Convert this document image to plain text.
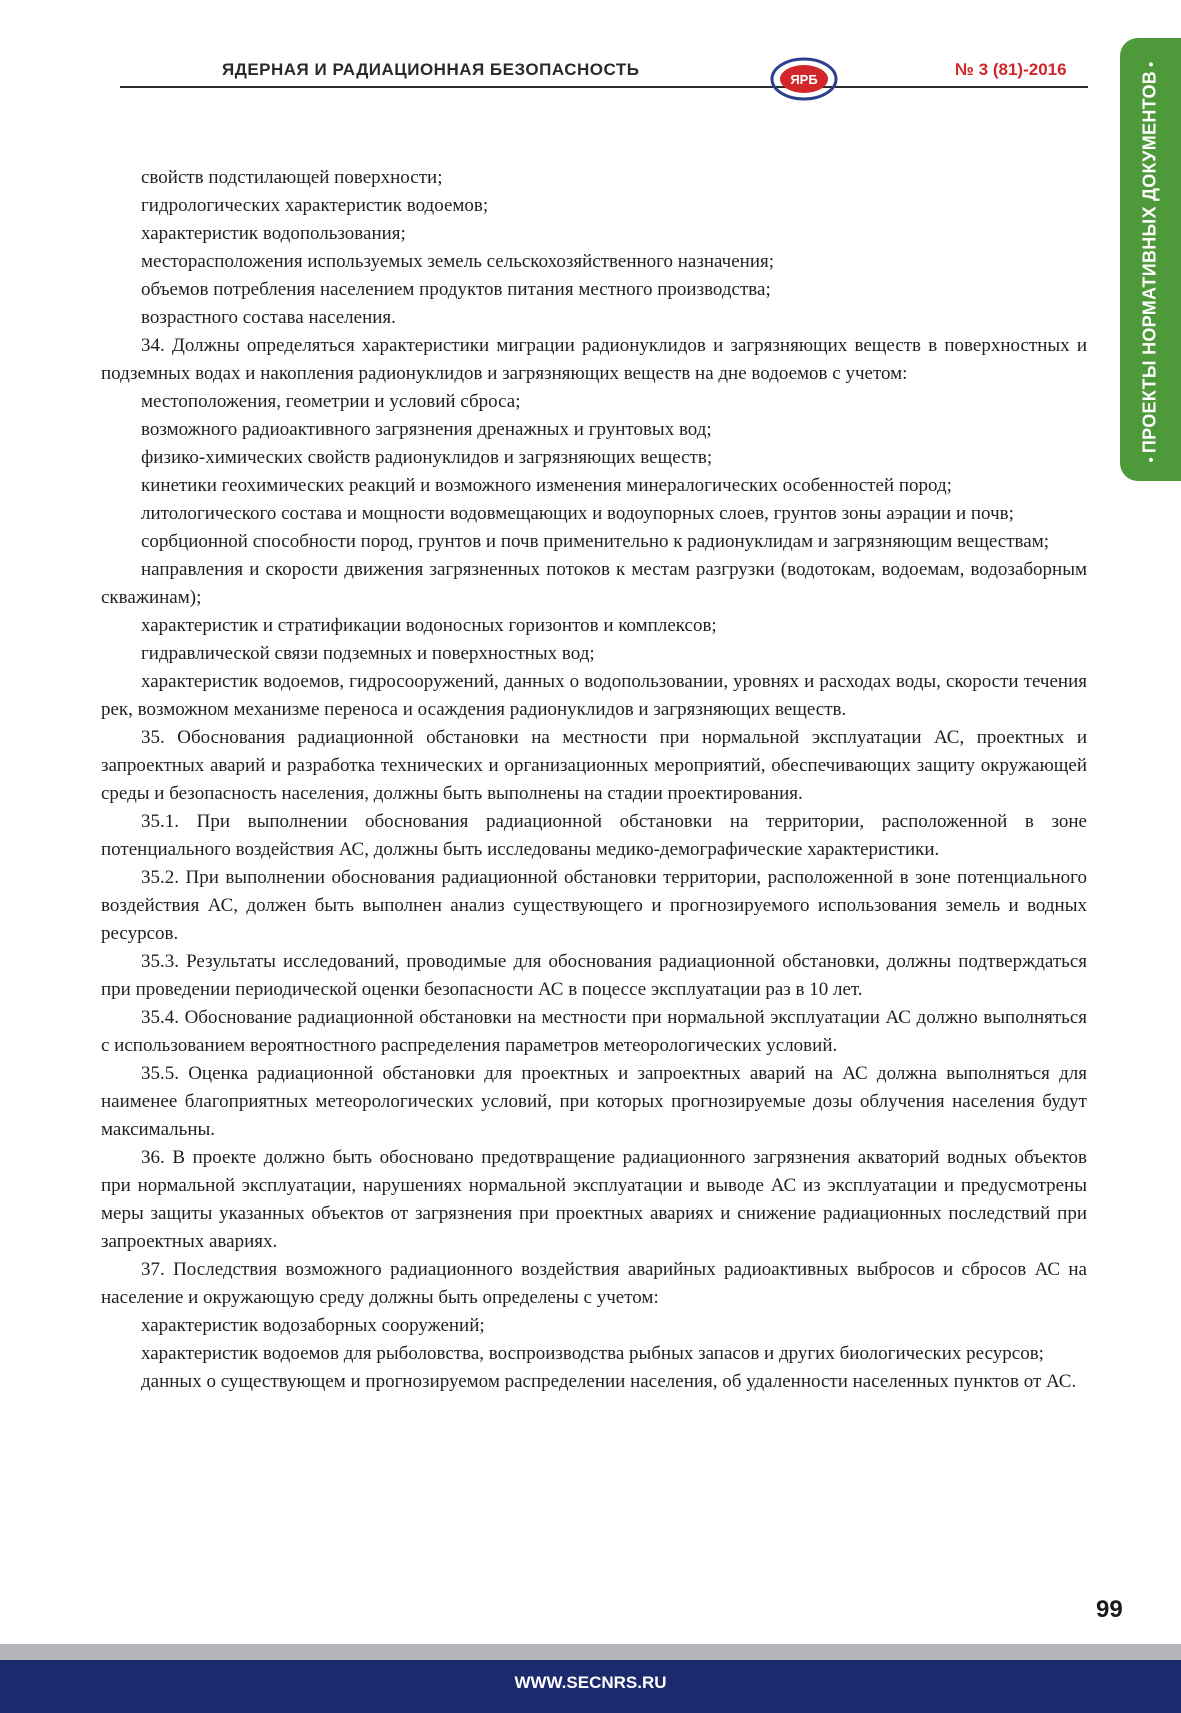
ЯДЕРНАЯ И РАДИАЦИОННАЯ БЕЗОПАСНОСТЬ
ЯРБ
№ 3 (81)-2016
•ПРОЕКТЫ НОРМАТИВНЫХ ДОКУМЕНТОВ•

свойств подстилающей поверхности;

гидрологических характеристик водоемов;

характеристик водопользования;

месторасположения используемых земель сельскохозяйственного назначения;

объемов потребления населением продуктов питания местного производства;

возрастного состава населения.

34. Должны определяться характеристики миграции радионуклидов и загрязняющих веществ в поверхностных и подземных водах и накопления радионуклидов и загрязняющих веществ на дне водоемов с учетом:

местоположения, геометрии и условий сброса;

возможного радиоактивного загрязнения дренажных и грунтовых вод;

физико-химических свойств радионуклидов и загрязняющих веществ;

кинетики геохимических реакций и возможного изменения минералогических особенностей пород;

литологического состава и мощности водовмещающих и водоупорных слоев, грунтов зоны аэрации и почв;

сорбционной способности пород, грунтов и почв применительно к радионуклидам и загрязняющим веществам;

направления и скорости движения загрязненных потоков к местам разгрузки (водотокам, водоемам, водозаборным скважинам);

характеристик и стратификации водоносных горизонтов и комплексов;

гидравлической связи подземных и поверхностных вод;

характеристик водоемов, гидросооружений, данных о водопользовании, уровнях и расходах воды, скорости течения рек, возможном механизме переноса и осаждения радионуклидов и загрязняющих веществ.

35. Обоснования радиационной обстановки на местности при нормальной эксплуатации АС, проектных и запроектных аварий и разработка технических и организационных мероприятий, обеспечивающих защиту окружающей среды и безопасность населения, должны быть выполнены на стадии проектирования.

35.1. При выполнении обоснования радиационной обстановки на территории, расположенной в зоне потенциального воздействия АС, должны быть исследованы медико-демографические характеристики.

35.2. При выполнении обоснования радиационной обстановки территории, расположенной в зоне потенциального воздействия АС, должен быть выполнен анализ существующего и прогнозируемого использования земель и водных ресурсов.

35.3. Результаты исследований, проводимые для обоснования радиационной обстановки, должны подтверждаться при проведении периодической оценки безопасности АС в поцессе эксплуатации раз в 10 лет.

35.4. Обоснование радиационной обстановки на местности при нормальной эксплуатации АС должно выполняться с использованием вероятностного распределения параметров метеорологических условий.

35.5. Оценка радиационной обстановки для проектных и запроектных аварий на АС должна выполняться для наименее благоприятных метеорологических условий, при которых прогнозируемые дозы облучения населения будут максимальны.

36. В проекте должно быть обосновано предотвращение радиационного загрязнения акваторий водных объектов при нормальной эксплуатации, нарушениях нормальной эксплуатации и выводе АС из эксплуатации и предусмотрены меры защиты указанных объектов от загрязнения при проектных авариях и снижение радиационных последствий при запроектных авариях.

37. Последствия возможного радиационного воздействия аварийных радиоактивных выбросов и сбросов АС на население и окружающую среду должны быть определены с учетом:

характеристик водозаборных сооружений;

характеристик водоемов для рыболовства, воспроизводства рыбных запасов и других биологических ресурсов;

данных о существующем и прогнозируемом распределении населения, об удаленности населенных пунктов от АС.

99
WWW.SECNRS.RU
